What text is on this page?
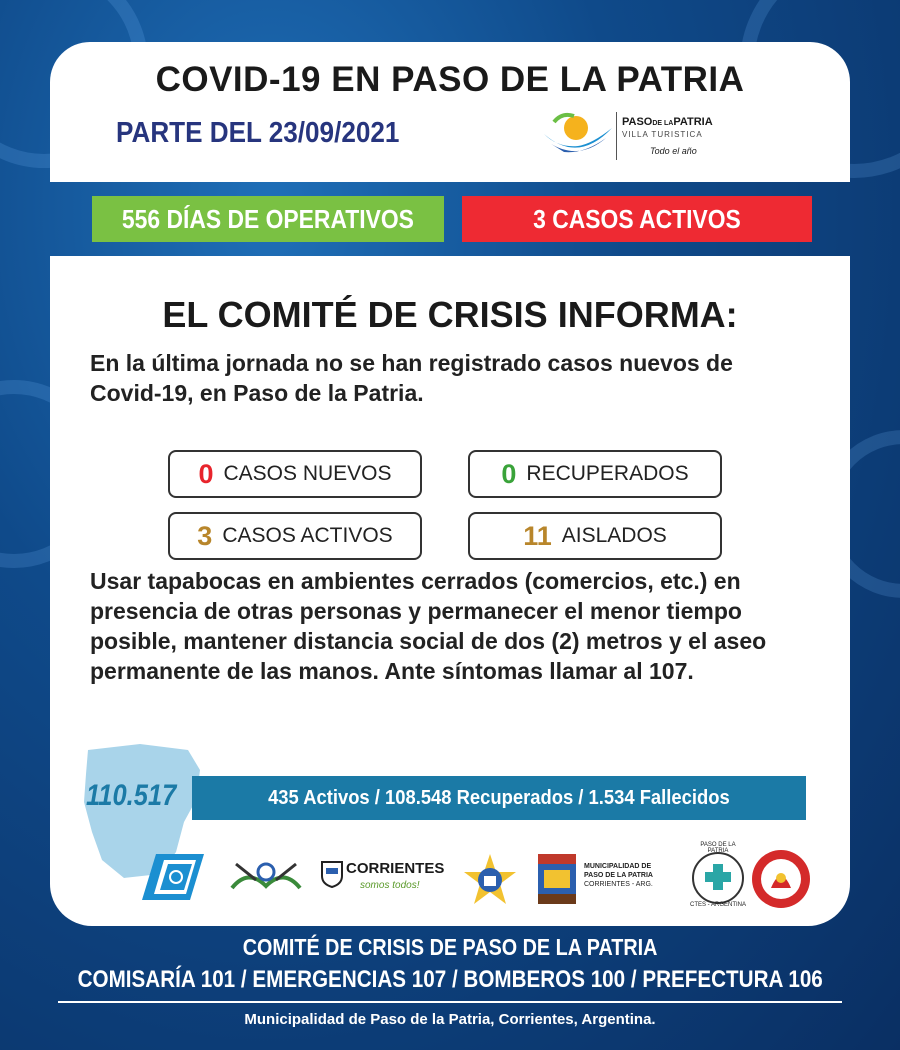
COVID-19 EN PASO DE LA PATRIA
PARTE DEL 23/09/2021	PASODE LAPATRIA
VILLA TURISTICA
Todo el año
556 DÍAS DE OPERATIVOS	3 CASOS ACTIVOS
EL COMITÉ DE CRISIS INFORMA:
En la última jornada no se han registrado casos nuevos de Covid-19, en Paso de la Patria.
0 CASOS NUEVOS	0 RECUPERADOS
3 CASOS ACTIVOS	11 AISLADOS
Usar tapabocas en ambientes cerrados (comercios, etc.) en presencia de otras personas y permanecer el menor tiempo posible, mantener distancia social de dos (2) metros y el aseo permanente de las manos. Ante síntomas llamar al 107.
435 Activos / 108.548 Recuperados / 1.534 Fallecidos
110.517
CORRIENTES
somos todos!
MUNICIPALIDAD DE
PASO DE LA PATRIA
CORRIENTES - ARG.
PASO DE LA PATRIA
CTES - ARGENTINA
COMITÉ DE CRISIS DE PASO DE LA PATRIA
COMISARÍA 101 / EMERGENCIAS 107 / BOMBEROS 100 / PREFECTURA 106
Municipalidad de Paso de la Patria, Corrientes, Argentina.
